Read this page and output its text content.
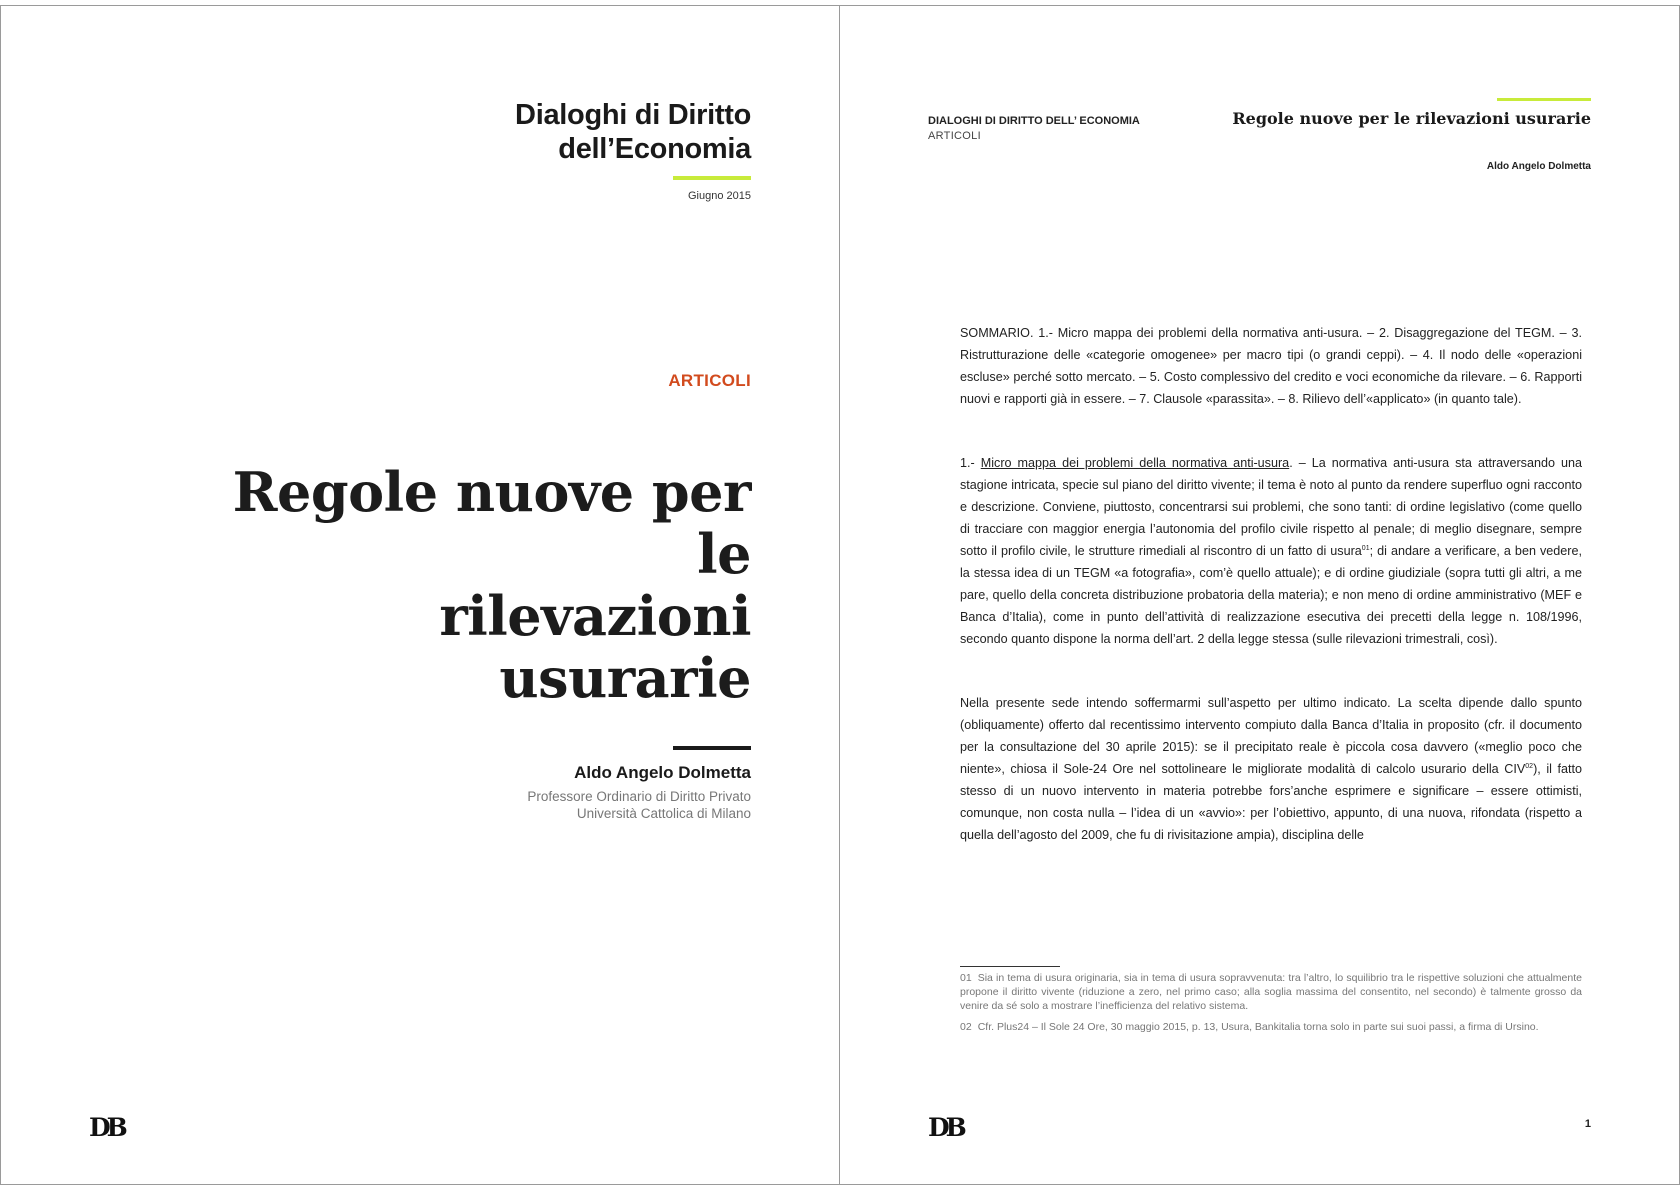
Dialoghi di Diritto
dell’Economia
Giugno 2015
ARTICOLI
Regole nuove per le
rilevazioni usurarie
Aldo Angelo Dolmetta
Professore Ordinario di Diritto Privato
Università Cattolica di Milano
DB
DIALOGHI DI DIRITTO DELL’ ECONOMIA
ARTICOLI
Regole nuove per le rilevazioni usurarie
Aldo Angelo Dolmetta
SOMMARIO. 1.- Micro mappa dei problemi della normativa anti-usura. – 2. Disaggregazione del TEGM. – 3. Ristrutturazione delle «categorie omogenee» per macro tipi (o grandi ceppi). – 4. Il nodo delle «operazioni escluse» perché sotto mercato. – 5. Costo complessivo del credito e voci economiche da rilevare. – 6. Rapporti nuovi e rapporti già in essere. – 7. Clausole «parassita». – 8. Rilievo dell’«applicato» (in quanto tale).
1.- Micro mappa dei problemi della normativa anti-usura. – La normativa anti-usura sta attraversando una stagione intricata, specie sul piano del diritto vivente; il tema è noto al punto da rendere superfluo ogni racconto e descrizione. Conviene, piuttosto, concentrarsi sui problemi, che sono tanti: di ordine legislativo (come quello di tracciare con maggior energia l’autonomia del profilo civile rispetto al penale; di meglio disegnare, sempre sotto il profilo civile, le strutture rimediali al riscontro di un fatto di usura$^{01}$; di andare a verificare, a ben vedere, la stessa idea di un TEGM «a fotografia», com’è quello attuale); e di ordine giudiziale (sopra tutti gli altri, a me pare, quello della concreta distribuzione probatoria della materia); e non meno di ordine amministrativo (MEF e Banca d’Italia), come in punto dell’attività di realizzazione esecutiva dei precetti della legge n. 108/1996, secondo quanto dispone la norma dell’art. 2 della legge stessa (sulle rilevazioni trimestrali, così).
Nella presente sede intendo soffermarmi sull’aspetto per ultimo indicato. La scelta dipende dallo spunto (obliquamente) offerto dal recentissimo intervento compiuto dalla Banca d’Italia in proposito (cfr. il documento per la consultazione del 30 aprile 2015): se il precipitato reale è piccola cosa davvero («meglio poco che niente», chiosa il Sole-24 Ore nel sottolineare le migliorate modalità di calcolo usurario della CIV$^{02}$), il fatto stesso di un nuovo intervento in materia potrebbe fors’anche esprimere e significare – essere ottimisti, comunque, non costa nulla – l’idea di un «avvio»: per l’obiettivo, appunto, di una nuova, rifondata (rispetto a quella dell’agosto del 2009, che fu di rivisitazione ampia), disciplina delle
01 Sia in tema di usura originaria, sia in tema di usura sopravvenuta: tra l’altro, lo squilibrio tra le rispettive soluzioni che attualmente propone il diritto vivente (riduzione a zero, nel primo caso; alla soglia massima del consentito, nel secondo) è talmente grosso da venire da sé solo a mostrare l’inefficienza del relativo sistema.
02 Cfr. Plus24 – Il Sole 24 Ore, 30 maggio 2015, p. 13, Usura, Bankitalia torna solo in parte sui suoi passi, a firma di Ursino.
DB	1
